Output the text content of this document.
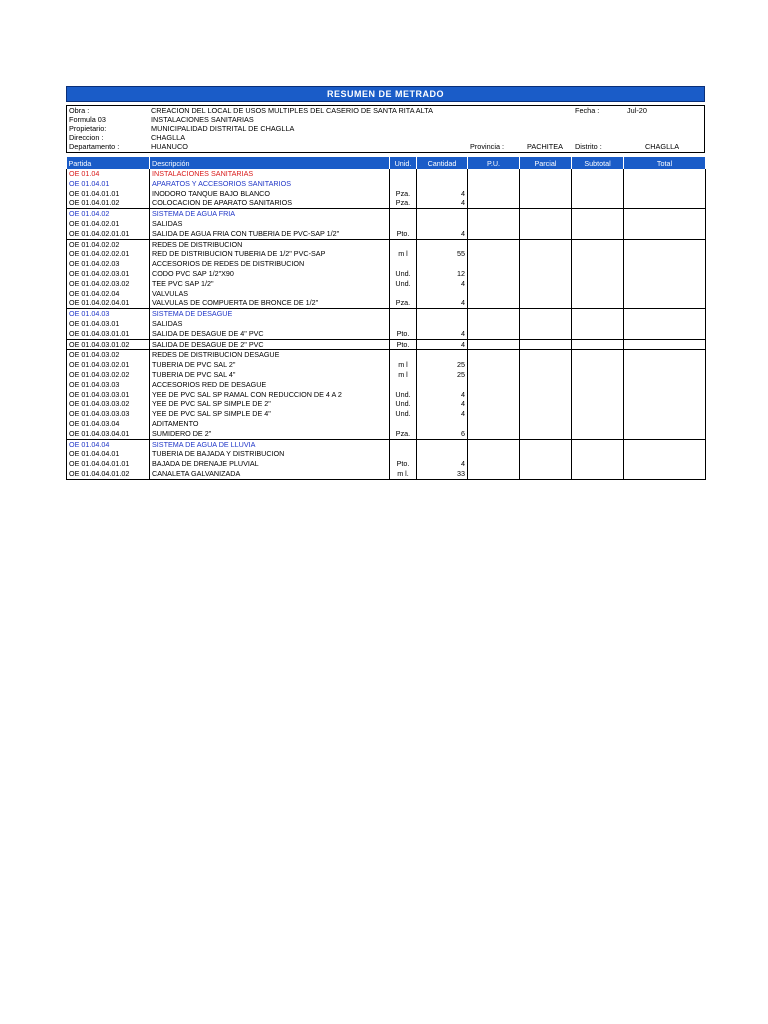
RESUMEN DE METRADO
Obra :	CREACION DEL LOCAL DE USOS MULTIPLES DEL CASERIO DE SANTA RITA ALTA	Fecha :	Jul-20
Formula 03	INSTALACIONES SANITARIAS
Propietario:	MUNICIPALIDAD DISTRITAL DE CHAGLLA
Direccion :	CHAGLLA
Departamento :	HUANUCO	Provincia :	PACHITEA Distrito :	CHAGLLA
Partida	Descripción	Unid.	Cantidad	P.U.	Parcial	Subtotal	Total
OE 01.04	INSTALACIONES SANITARIAS						
OE 01.04.01	APARATOS Y ACCESORIOS SANITARIOS						
OE 01.04.01.01	INODORO TANQUE BAJO BLANCO	Pza.	4				
OE 01.04.01.02	COLOCACION DE APARATO SANITARIOS	Pza.	4				
OE 01.04.02	SISTEMA DE AGUA FRIA						
OE 01.04.02.01	SALIDAS						
OE 01.04.02.01.01	SALIDA DE AGUA FRIA CON TUBERIA DE PVC-SAP 1/2"	Pto.	4				
OE 01.04.02.02	REDES DE DISTRIBUCION						
OE 01.04.02.02.01	RED DE DISTRIBUCION TUBERIA DE 1/2" PVC-SAP	m l	55				
OE 01.04.02.03	ACCESORIOS DE REDES DE DISTRIBUCION						
OE 01.04.02.03.01	CODO PVC SAP 1/2"X90	Und.	12				
OE 01.04.02.03.02	TEE PVC SAP 1/2"	Und.	4				
OE 01.04.02.04	VALVULAS						
OE 01.04.02.04.01	VALVULAS DE COMPUERTA DE BRONCE DE 1/2"	Pza.	4				
OE 01.04.03	SISTEMA DE DESAGUE						
OE 01.04.03.01	SALIDAS						
OE 01.04.03.01.01	SALIDA DE DESAGUE DE 4" PVC	Pto.	4				
OE 01.04.03.01.02	SALIDA DE DESAGUE DE 2" PVC	Pto.	4				
OE 01.04.03.02	REDES DE DISTRIBUCION DESAGUE						
OE 01.04.03.02.01	TUBERIA DE PVC SAL 2"	m l	25				
OE 01.04.03.02.02	TUBERIA DE PVC SAL 4"	m l	25				
OE 01.04.03.03	ACCESORIOS RED DE DESAGUE						
OE 01.04.03.03.01	YEE DE PVC SAL SP RAMAL CON REDUCCION DE 4 A 2	Und.	4				
OE 01.04.03.03.02	YEE DE PVC SAL SP SIMPLE DE 2"	Und.	4				
OE 01.04.03.03.03	YEE DE PVC SAL SP SIMPLE DE 4"	Und.	4				
OE 01.04.03.04	ADITAMENTO						
OE 01.04.03.04.01	SUMIDERO DE 2"	Pza.	6				
OE 01.04.04	SISTEMA DE AGUA DE LLUVIA						
OE 01.04.04.01	TUBERIA DE BAJADA Y DISTRIBUCION						
OE 01.04.04.01.01	BAJADA DE DRENAJE PLUVIAL	Pto.	4				
OE 01.04.04.01.02	CANALETA GALVANIZADA	m l.	33				
